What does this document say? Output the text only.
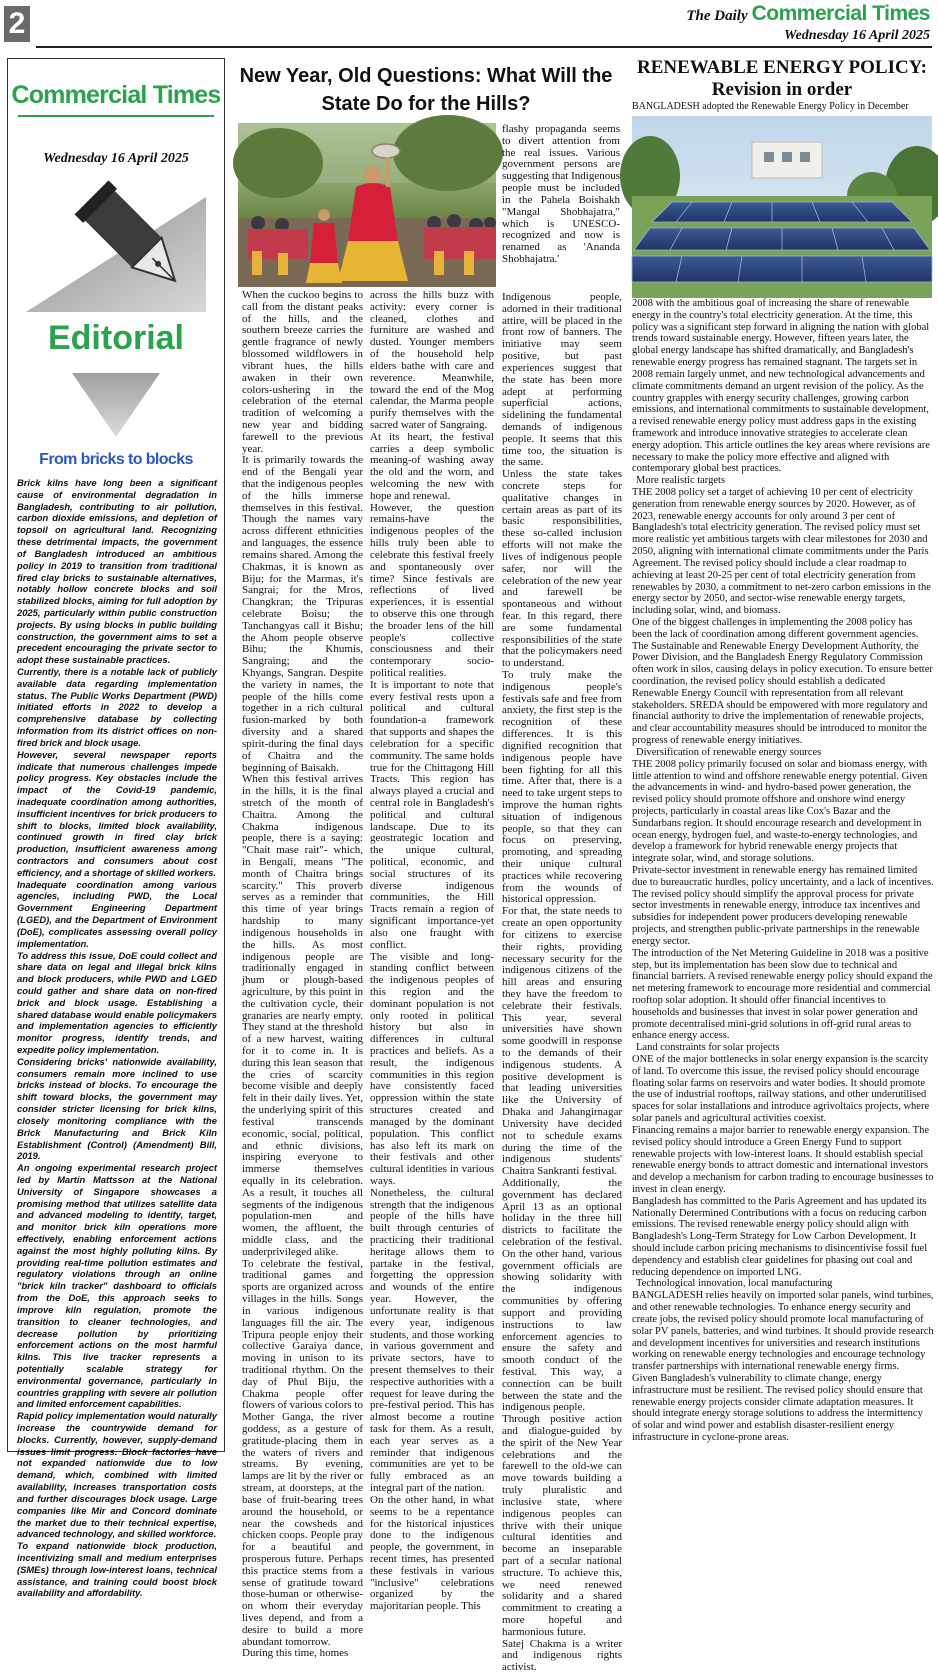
2	The Daily Commercial Times
Wednesday 16 April 2025
Commercial Times
Wednesday 16 April 2025
Editorial
From bricks to blocks

Brick kilns have long been a significant cause of environmental degradation in Bangladesh, contributing to air pollution, carbon dioxide emissions, and depletion of topsoil on agricultural land. Recognizing these detrimental impacts, the government of Bangladesh introduced an ambitious policy in 2019 to transition from traditional fired clay bricks to sustainable alternatives, notably hollow concrete blocks and soil stabilized blocks, aiming for full adoption by 2025, particularly within public construction projects. By using blocks in public building construction, the government aims to set a precedent encouraging the private sector to adopt these sustainable practices.

Currently, there is a notable lack of publicly available data regarding implementation status. The Public Works Department (PWD) initiated efforts in 2022 to develop a comprehensive database by collecting information from its district offices on non-fired brick and block usage.

However, several newspaper reports indicate that numerous challenges impede policy progress. Key obstacles include the impact of the Covid-19 pandemic, inadequate coordination among authorities, insufficient incentives for brick producers to shift to blocks, limited block availability, continued growth in fired clay brick production, insufficient awareness among contractors and consumers about cost efficiency, and a shortage of skilled workers.

Inadequate coordination among various agencies, including PWD, the Local Government Engineering Department (LGED), and the Department of Environment (DoE), complicates assessing overall policy implementation.

To address this issue, DoE could collect and share data on legal and illegal brick kilns and block producers, while PWD and LGED could gather and share data on non-fired brick and block usage. Establishing a shared database would enable policymakers and implementation agencies to efficiently monitor progress, identify trends, and expedite policy implementation.

Considering bricks' nationwide availability, consumers remain more inclined to use bricks instead of blocks. To encourage the shift toward blocks, the government may consider stricter licensing for brick kilns, closely monitoring compliance with the Brick Manufacturing and Brick Kiln Establishment (Control) (Amendment) Bill, 2019.

An ongoing experimental research project led by Martin Mattsson at the National University of Singapore showcases a promising method that utilizes satellite data and advanced modeling to identify, target, and monitor brick kiln operations more effectively, enabling enforcement actions against the most highly polluting kilns. By providing real-time pollution estimates and regulatory violations through an online "brick kiln tracker" dashboard to officials from the DoE, this approach seeks to improve kiln regulation, promote the transition to cleaner technologies, and decrease pollution by prioritizing enforcement actions on the most harmful kilns. This live tracker represents a potentially scalable strategy for environmental governance, particularly in countries grappling with severe air pollution and limited enforcement capabilities.

Rapid policy implementation would naturally increase the countrywide demand for blocks. Currently, however, supply-demand issues limit progress. Block factories have not expanded nationwide due to low demand, which, combined with limited availability, increases transportation costs and further discourages block usage. Large companies like Mir and Concord dominate the market due to their technical expertise, advanced technology, and skilled workforce.

To expand nationwide block production, incentivizing small and medium enterprises (SMEs) through low-interest loans, technical assistance, and training could boost block availability and affordability.

New Year, Old Questions: What Will the State Do for the Hills?

When the cuckoo begins to call from the distant peaks of the hills, and the southern breeze carries the gentle fragrance of newly blossomed wildflowers in vibrant hues, the hills awaken in their own colors-ushering in the celebration of the eternal tradition of welcoming a new year and bidding farewell to the previous year.

It is primarily towards the end of the Bengali year that the indigenous peoples of the hills immerse themselves in this festival. Though the names vary across different ethnicities and languages, the essence remains shared. Among the Chakmas, it is known as Biju; for the Marmas, it's Sangrai; for the Mros, Changkran; the Tripuras celebrate Boisu; the Tanchangyas call it Bishu; the Ahom people observe Bihu; the Khumis, Sangraing; and the Khyangs, Sangran. Despite the variety in names, the people of the hills come together in a rich cultural fusion-marked by both diversity and a shared spirit-during the final days of Chaitra and the beginning of Baisakh.

When this festival arrives in the hills, it is the final stretch of the month of Chaitra. Among the Chakma indigenous people, there is a saying: "Chait mase rait"- which, in Bengali, means "The month of Chaitra brings scarcity." This proverb serves as a reminder that this time of year brings hardship to many indigenous households in the hills. As most indigenous people are traditionally engaged in jhum or plough-based agriculture, by this point in the cultivation cycle, their granaries are nearly empty. They stand at the threshold of a new harvest, waiting for it to come in. It is during this lean season that the cries of scarcity become visible and deeply felt in their daily lives. Yet, the underlying spirit of this festival transcends economic, social, political, and ethnic divisions, inspiring everyone to immerse themselves equally in its celebration. As a result, it touches all segments of the indigenous population-men and women, the affluent, the middle class, and the underprivileged alike.

To celebrate the festival, traditional games and sports are organized across villages in the hills. Songs in various indigenous languages fill the air. The Tripura people enjoy their collective Garaiya dance, moving in unison to its traditional rhythm. On the day of Phul Biju, the Chakma people offer flowers of various colors to Mother Ganga, the river goddess, as a gesture of gratitude-placing them in the waters of rivers and streams. By evening, lamps are lit by the river or stream, at doorsteps, at the base of fruit-bearing trees around the household, or near the cowsheds and chicken coops. People pray for a beautiful and prosperous future. Perhaps this practice stems from a sense of gratitude toward those-human or otherwise-on whom their everyday lives depend, and from a desire to build a more abundant tomorrow.

During this time, homes

across the hills buzz with activity: every corner is cleaned, clothes and furniture are washed and dusted. Younger members of the household help elders bathe with care and reverence. Meanwhile, toward the end of the Mog calendar, the Marma people purify themselves with the sacred water of Sangraing.

At its heart, the festival carries a deep symbolic meaning-of washing away the old and the worn, and welcoming the new with hope and renewal.

However, the question remains-have the indigenous peoples of the hills truly been able to celebrate this festival freely and spontaneously over time? Since festivals are reflections of lived experiences, it is essential to observe this one through the broader lens of the hill people's collective consciousness and their contemporary socio-political realities.

It is important to note that every festival rests upon a political and cultural foundation-a framework that supports and shapes the celebration for a specific community. The same holds true for the Chittagong Hill Tracts. This region has always played a crucial and central role in Bangladesh's political and cultural landscape. Due to its geostrategic location and the unique cultural, political, economic, and social structures of its diverse indigenous communities, the Hill Tracts remain a region of significant importance-yet also one fraught with conflict.

The visible and long-standing conflict between the indigenous peoples of this region and the dominant population is not only rooted in political history but also in differences in cultural practices and beliefs. As a result, the indigenous communities in this region have consistently faced oppression within the state structures created and managed by the dominant population. This conflict has also left its mark on their festivals and other cultural identities in various ways.

Nonetheless, the cultural strength that the indigenous people of the hills have built through centuries of practicing their traditional heritage allows them to partake in the festival, forgetting the oppression and wounds of the entire year. However, the unfortunate reality is that every year, indigenous students, and those working in various government and private sectors, have to present themselves to their respective authorities with a request for leave during the pre-festival period. This has almost become a routine task for them. As a result, each year serves as a reminder that indigenous communities are yet to be fully embraced as an integral part of the nation.

On the other hand, in what seems to be a repentance for the historical injustices done to the indigenous people, the government, in recent times, has presented these festivals in various "inclusive" celebrations organized by the majoritarian people. This

flashy propaganda seems to divert attention from the real issues. Various government persons are suggesting that Indigenous people must be included in the Pahela Boishakh "Mangal Shobhajatra," which is UNESCO-recognized and now is renamed as 'Ananda Shobhajatra.'

Indigenous people, adorned in their traditional attire, will be placed in the front row of banners. The initiative may seem positive, but past experiences suggest that the state has been more adept at performing superficial actions, sidelining the fundamental demands of indigenous people. It seems that this time too, the situation is the same.

Unless the state takes concrete steps for qualitative changes in certain areas as part of its basic responsibilities, these so-called inclusion efforts will not make the lives of indigenous people safer, nor will the celebration of the new year and farewell be spontaneous and without fear. In this regard, there are some fundamental responsibilities of the state that the policymakers need to understand.

To truly make the indigenous people's festivals safe and free from anxiety, the first step is the recognition of these differences. It is this dignified recognition that indigenous people have been fighting for all this time. After that, there is a need to take urgent steps to improve the human rights situation of indigenous people, so that they can focus on preserving, promoting, and spreading their unique cultural practices while recovering from the wounds of historical oppression.

For that, the state needs to create an open opportunity for citizens to exercise their rights, providing necessary security for the indigenous citizens of the hill areas and ensuring they have the freedom to celebrate their festivals. This year, several universities have shown some goodwill in response to the demands of their indigenous students. A positive development is that leading universities like the University of Dhaka and Jahangirnagar University have decided not to schedule exams during the time of the indigenous students' Chaitra Sankranti festival.

Additionally, the government has declared April 13 as an optional holiday in the three hill districts to facilitate the celebration of the festival. On the other hand, various government officials are showing solidarity with the indigenous communities by offering support and providing instructions to law enforcement agencies to ensure the safety and smooth conduct of the festival. This way, a connection can be built between the state and the indigenous people.

Through positive action and dialogue-guided by the spirit of the New Year celebrations and the farewell to the old-we can move towards building a truly pluralistic and inclusive state, where indigenous peoples can thrive with their unique cultural identities and become an inseparable part of a secular national structure. To achieve this, we need renewed solidarity and a shared commitment to creating a more hopeful and harmonious future.

Satej Chakma is a writer and indigenous rights activist.

RENEWABLE ENERGY POLICY: Revision in order
BANGLADESH adopted the Renewable Energy Policy in December

2008 with the ambitious goal of increasing the share of renewable energy in the country's total electricity generation. At the time, this policy was a significant step forward in aligning the nation with global trends toward sustainable energy. However, fifteen years later, the global energy landscape has shifted dramatically, and Bangladesh's renewable energy progress has remained stagnant. The targets set in 2008 remain largely unmet, and new technological advancements and climate commitments demand an urgent revision of the policy. As the country grapples with energy security challenges, growing carbon emissions, and international commitments to sustainable development, a revised renewable energy policy must address gaps in the existing framework and introduce innovative strategies to accelerate clean energy adoption. This article outlines the key areas where revisions are necessary to make the policy more effective and aligned with contemporary global best practices.

More realistic targets

THE 2008 policy set a target of achieving 10 per cent of electricity generation from renewable energy sources by 2020. However, as of 2023, renewable energy accounts for only around 3 per cent of Bangladesh's total electricity generation. The revised policy must set more realistic yet ambitious targets with clear milestones for 2030 and 2050, aligning with international climate commitments under the Paris Agreement. The revised policy should include a clear roadmap to achieving at least 20-25 per cent of total electricity generation from renewables by 2030, a commitment to net-zero carbon emissions in the energy sector by 2050, and sector-wise renewable energy targets, including solar, wind, and biomass.

One of the biggest challenges in implementing the 2008 policy has been the lack of coordination among different government agencies. The Sustainable and Renewable Energy Development Authority, the Power Division, and the Bangladesh Energy Regulatory Commission often work in silos, causing delays in policy execution. To ensure better coordination, the revised policy should establish a dedicated Renewable Energy Council with representation from all relevant stakeholders. SREDA should be empowered with more regulatory and financial authority to drive the implementation of renewable projects, and clear accountability measures should be introduced to monitor the progress of renewable energy initiatives.

Diversification of renewable energy sources

THE 2008 policy primarily focused on solar and biomass energy, with little attention to wind and offshore renewable energy potential. Given the advancements in wind- and hydro-based power generation, the revised policy should promote offshore and onshore wind energy projects, particularly in coastal areas like Cox's Bazar and the Sundarbans region. It should encourage research and development in ocean energy, hydrogen fuel, and waste-to-energy technologies, and develop a framework for hybrid renewable energy projects that integrate solar, wind, and storage solutions.

Private-sector investment in renewable energy has remained limited due to bureaucratic hurdles, policy uncertainty, and a lack of incentives. The revised policy should simplify the approval process for private sector investments in renewable energy, introduce tax incentives and subsidies for independent power producers developing renewable projects, and strengthen public-private partnerships in the renewable energy sector.

The introduction of the Net Metering Guideline in 2018 was a positive step, but its implementation has been slow due to technical and financial barriers. A revised renewable energy policy should expand the net metering framework to encourage more residential and commercial rooftop solar adoption. It should offer financial incentives to households and businesses that invest in solar power generation and promote decentralised mini-grid solutions in off-grid rural areas to enhance energy access.

Land constraints for solar projects

ONE of the major bottlenecks in solar energy expansion is the scarcity of land. To overcome this issue, the revised policy should encourage floating solar farms on reservoirs and water bodies. It should promote the use of industrial rooftops, railway stations, and other underutilised spaces for solar installations and introduce agrivoltaics projects, where solar panels and agricultural activities coexist.

Financing remains a major barrier to renewable energy expansion. The revised policy should introduce a Green Energy Fund to support renewable projects with low-interest loans. It should establish special renewable energy bonds to attract domestic and international investors and develop a mechanism for carbon trading to encourage businesses to invest in clean energy.

Bangladesh has committed to the Paris Agreement and has updated its Nationally Determined Contributions with a focus on reducing carbon emissions. The revised renewable energy policy should align with Bangladesh's Long-Term Strategy for Low Carbon Development. It should include carbon pricing mechanisms to disincentivise fossil fuel dependency and establish clear guidelines for phasing out coal and reducing dependence on imported LNG.

Technological innovation, local manufacturing

BANGLADESH relies heavily on imported solar panels, wind turbines, and other renewable technologies. To enhance energy security and create jobs, the revised policy should promote local manufacturing of solar PV panels, batteries, and wind turbines. It should provide research and development incentives for universities and research institutions working on renewable energy technologies and encourage technology transfer partnerships with international renewable energy firms.

Given Bangladesh's vulnerability to climate change, energy infrastructure must be resilient. The revised policy should ensure that renewable energy projects consider climate adaptation measures. It should integrate energy storage solutions to address the intermittency of solar and wind power and establish disaster-resilient energy infrastructure in cyclone-prone areas.
